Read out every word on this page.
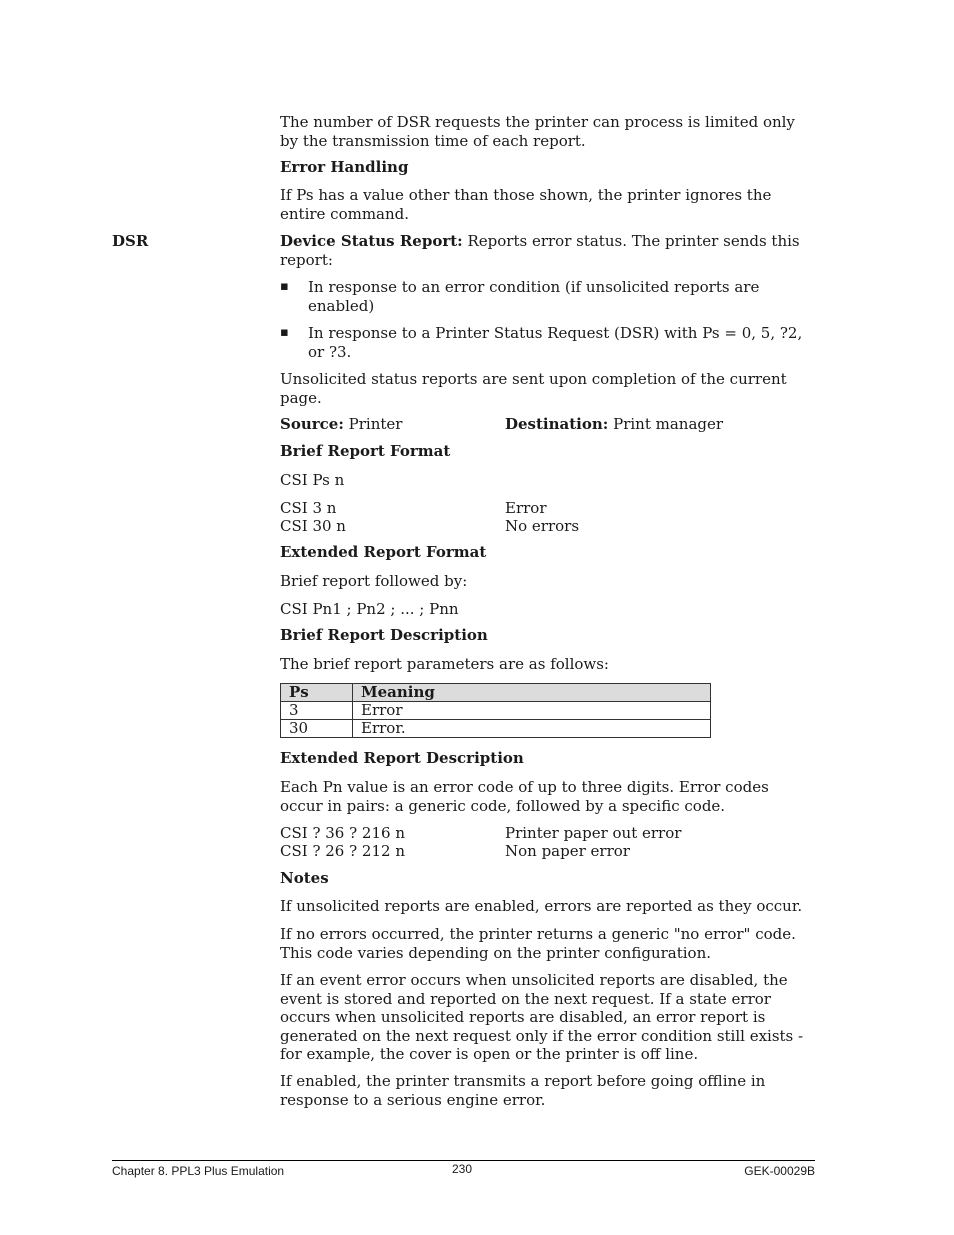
The number of DSR requests the printer can process is limited only by the transmission time of each report.

Error Handling

If Ps has a value other than those shown, the printer ignores the entire command.

DSR	Device Status Report: Reports error status. The printer sends this report:

▪ In response to an error condition (if unsolicited reports are enabled)

▪ In response to a Printer Status Request (DSR) with Ps = 0, 5, ?2, or ?3.

Unsolicited status reports are sent upon completion of the current page.

Source: Printer	Destination: Print manager

Brief Report Format

CSI Ps n

CSI 3 n	Error

CSI 30 n	No errors

Extended Report Format

Brief report followed by:

CSI Pn1 ; Pn2 ; ... ; Pnn

Brief Report Description

The brief report parameters are as follows:

Ps	Meaning
3	Error
30	Error.

Extended Report Description

Each Pn value is an error code of up to three digits. Error codes occur in pairs: a generic code, followed by a specific code.

CSI ? 36 ? 216 n	Printer paper out error

CSI ? 26 ? 212 n	Non paper error

Notes

If unsolicited reports are enabled, errors are reported as they occur.

If no errors occurred, the printer returns a generic "no error" code. This code varies depending on the printer configuration.

If an event error occurs when unsolicited reports are disabled, the event is stored and reported on the next request. If a state error occurs when unsolicited reports are disabled, an error report is generated on the next request only if the error condition still exists - for example, the cover is open or the printer is off line.

If enabled, the printer transmits a report before going offline in response to a serious engine error.

Chapter 8. PPL3 Plus Emulation	230	GEK-00029B
